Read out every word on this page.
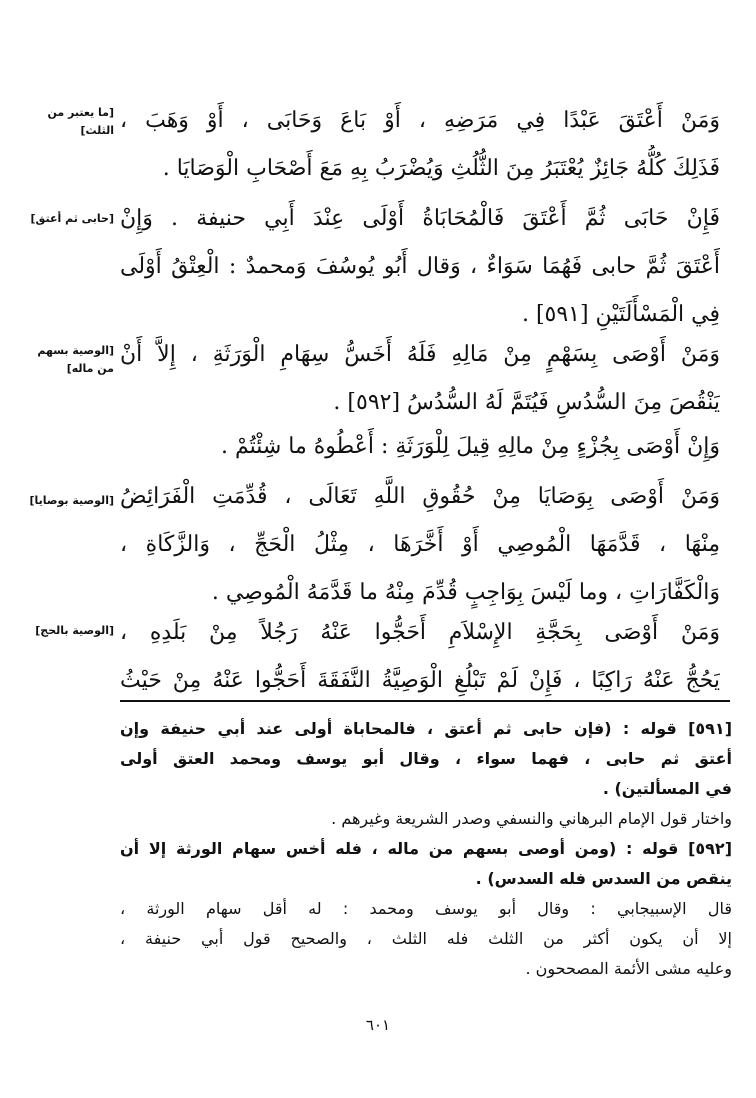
[ما يعتبر من الثلث]
[حابى ثم أعتق]
[الوصية بسهم من ماله]
[الوصية بوصايا]
[الوصية بالحج]
وَمَنْ أَعْتَقَ عَبْدًا فِي مَرَضِهِ ، أَوْ بَاعَ وَحَابَى ، أَوْ وَهَبَ ،
فَذَلِكَ كُلُّهُ جَائِزٌ يُعْتَبَرُ مِنَ الثُّلُثِ وَيُضْرَبُ بِهِ مَعَ أَصْحَابِ الْوَصَايَا .
فَإِنْ حَابَى ثُمَّ أَعْتَقَ فَالْمُحَابَاةُ أَوْلَى عِنْدَ أَبِي حنيفة . وَإِنْ
أَعْتَقَ ثُمَّ حابى فَهُمَا سَوَاءٌ ، وَقال أَبُو يُوسُفَ وَمحمدٌ : الْعِتْقُ أَوْلَى
فِي الْمَسْأَلَتَيْنِ [٥٩١] .
وَمَنْ أَوْصَى بِسَهْمٍ مِنْ مَالِهِ فَلَهُ أَخَسُّ سِهَامِ الْوَرَثَةِ ، إِلاَّ أَنْ
يَنْقُصَ مِنَ السُّدُسِ فَيُتَمَّ لَهُ السُّدُسُ [٥٩٢] .
وَإِنْ أَوْصَى بِجُزْءٍ مِنْ مالِهِ قِيلَ لِلْوَرَثَةِ : أَعْطُوهُ ما شِئْتُمْ .
وَمَنْ أَوْصَى بِوَصَايَا مِنْ حُقُوقِ اللَّهِ تَعَالَى ، قُدِّمَتِ الْفَرَائِضُ
مِنْهَا ، قَدَّمَهَا الْمُوصِي أَوْ أَخَّرَهَا ، مِثْلُ الْحَجِّ ، وَالزَّكَاةِ ،
وَالْكَفَّارَاتِ ، وما لَيْسَ بِوَاجِبٍ قُدِّمَ مِنْهُ ما قَدَّمَهُ الْمُوصِي .
وَمَنْ أَوْصَى بِحَجَّةِ الإِسْلاَمِ أَحَجُّوا عَنْهُ رَجُلاً مِنْ بَلَدِهِ ،
يَحُجُّ عَنْهُ رَاكِبًا ، فَإِنْ لَمْ تَبْلُغِ الْوَصِيَّةُ النَّفَقَةَ أَحَجُّوا عَنْهُ مِنْ حَيْثُ
[٥٩١] قوله : (فإن حابى ثم أعتق ، فالمحاباة أولى عند أبي حنيفة وإن
أعتق ثم حابى ، فهما سواء ، وقال أبو يوسف ومحمد العتق أولى
في المسألتين) .
واختار قول الإمام البرهاني والنسفي وصدر الشريعة وغيرهم .
[٥٩٢] قوله : (ومن أوصى بسهم من ماله ، فله أخس سهام الورثة إلا أن
ينقص من السدس فله السدس) .
قال الإسبيجابي : وقال أبو يوسف ومحمد : له أقل سهام الورثة ،
إلا أن يكون أكثر من الثلث فله الثلث ، والصحيح قول أبي حنيفة ،
وعليه مشى الأئمة المصححون .
٦٠١
